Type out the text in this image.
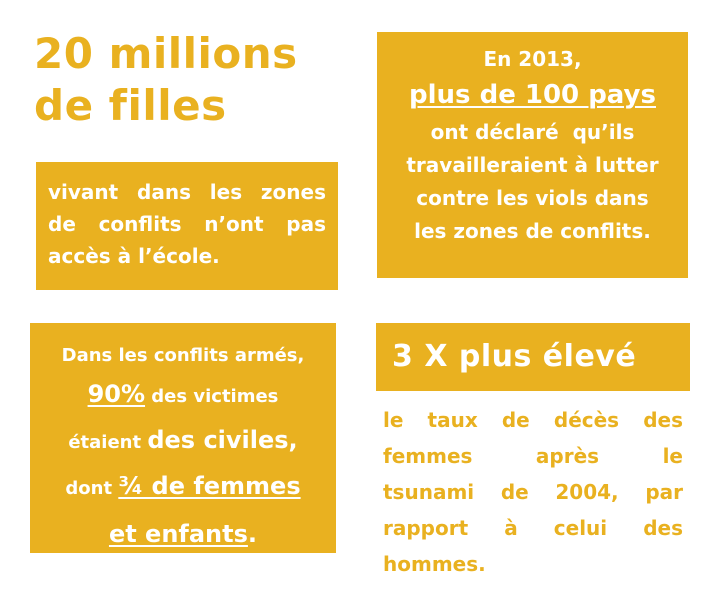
20 millions
de filles
vivant dans les zones
de conflits n’ont pas
accès à l’école.
En 2013,
plus de 100 pays
ont déclaré  qu’ils
travailleraient à lutter
contre les viols dans
les zones de conflits.
Dans les conflits armés,
90% des victimes
étaient des civiles,
dont ¾ de femmes
et enfants.
3 X plus élevé
le taux de décès des
femmes après le
tsunami de 2004, par
rapport à celui des
hommes.
